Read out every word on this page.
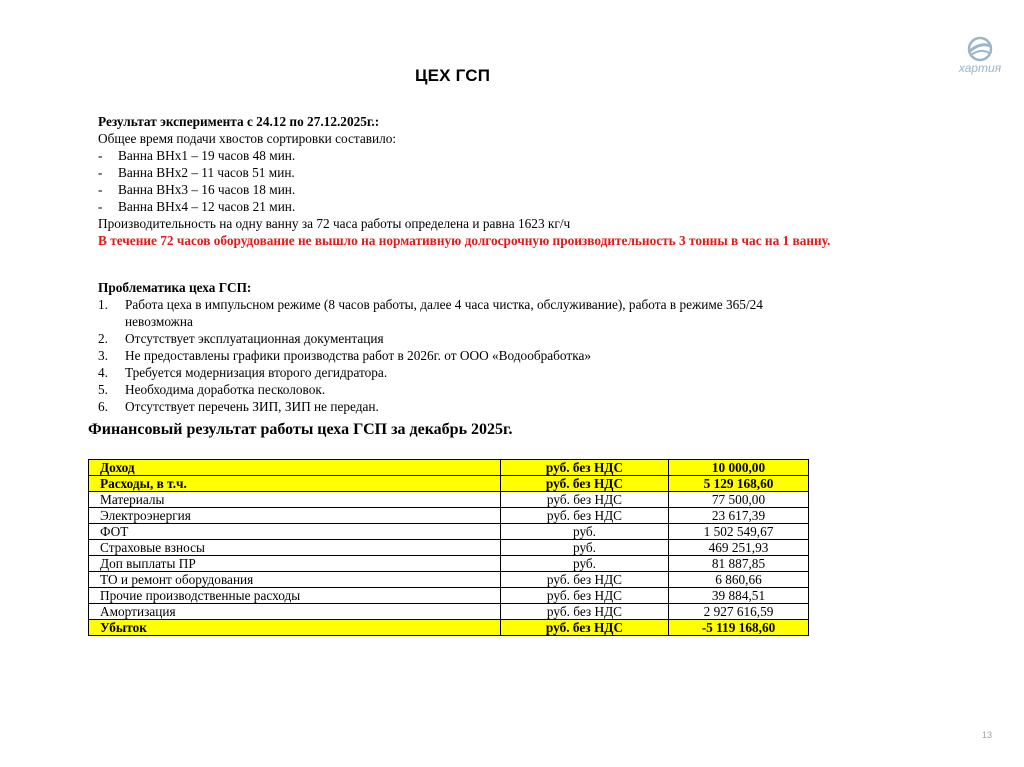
ЦЕХ ГСП	хартия

Результат эксперимента с 24.12 по 27.12.2025г.:

Общее время подачи хвостов сортировки составило:

-	Ванна ВНх1 – 19 часов 48 мин.
-	Ванна ВНх2 – 11 часов 51 мин.
-	Ванна ВНх3 – 16 часов 18 мин.
-	Ванна ВНх4 – 12 часов 21 мин.

Производительность на одну ванну за 72 часа работы определена и равна 1623 кг/ч

В течение 72 часов оборудование не вышло на нормативную долгосрочную производительность 3 тонны в час на 1 ванну.

Проблематика цеха ГСП:

1.	Работа цеха в импульсном режиме (8 часов работы, далее 4 часа чистка, обслуживание), работа в режиме 365/24 невозможна
2.	Отсутствует эксплуатационная документация
3.	Не предоставлены графики производства работ в 2026г. от ООО «Водообработка»
4.	Требуется модернизация второго дегидратора.
5.	Необходима доработка песколовок.
6.	Отсутствует перечень ЗИП, ЗИП не передан.
Финансовый результат работы цеха ГСП за декабрь 2025г.
Доход	руб. без НДС	10 000,00
Расходы, в т.ч.	руб. без НДС	5 129 168,60
Материалы	руб. без НДС	77 500,00
Электроэнергия	руб. без НДС	23 617,39
ФОТ	руб.	1 502 549,67
Страховые взносы	руб.	469 251,93
Доп выплаты ПР	руб.	81 887,85
ТО и ремонт оборудования	руб. без НДС	6 860,66
Прочие производственные расходы	руб. без НДС	39 884,51
Амортизация	руб. без НДС	2 927 616,59
Убыток	руб. без НДС	-5 119 168,60
13
